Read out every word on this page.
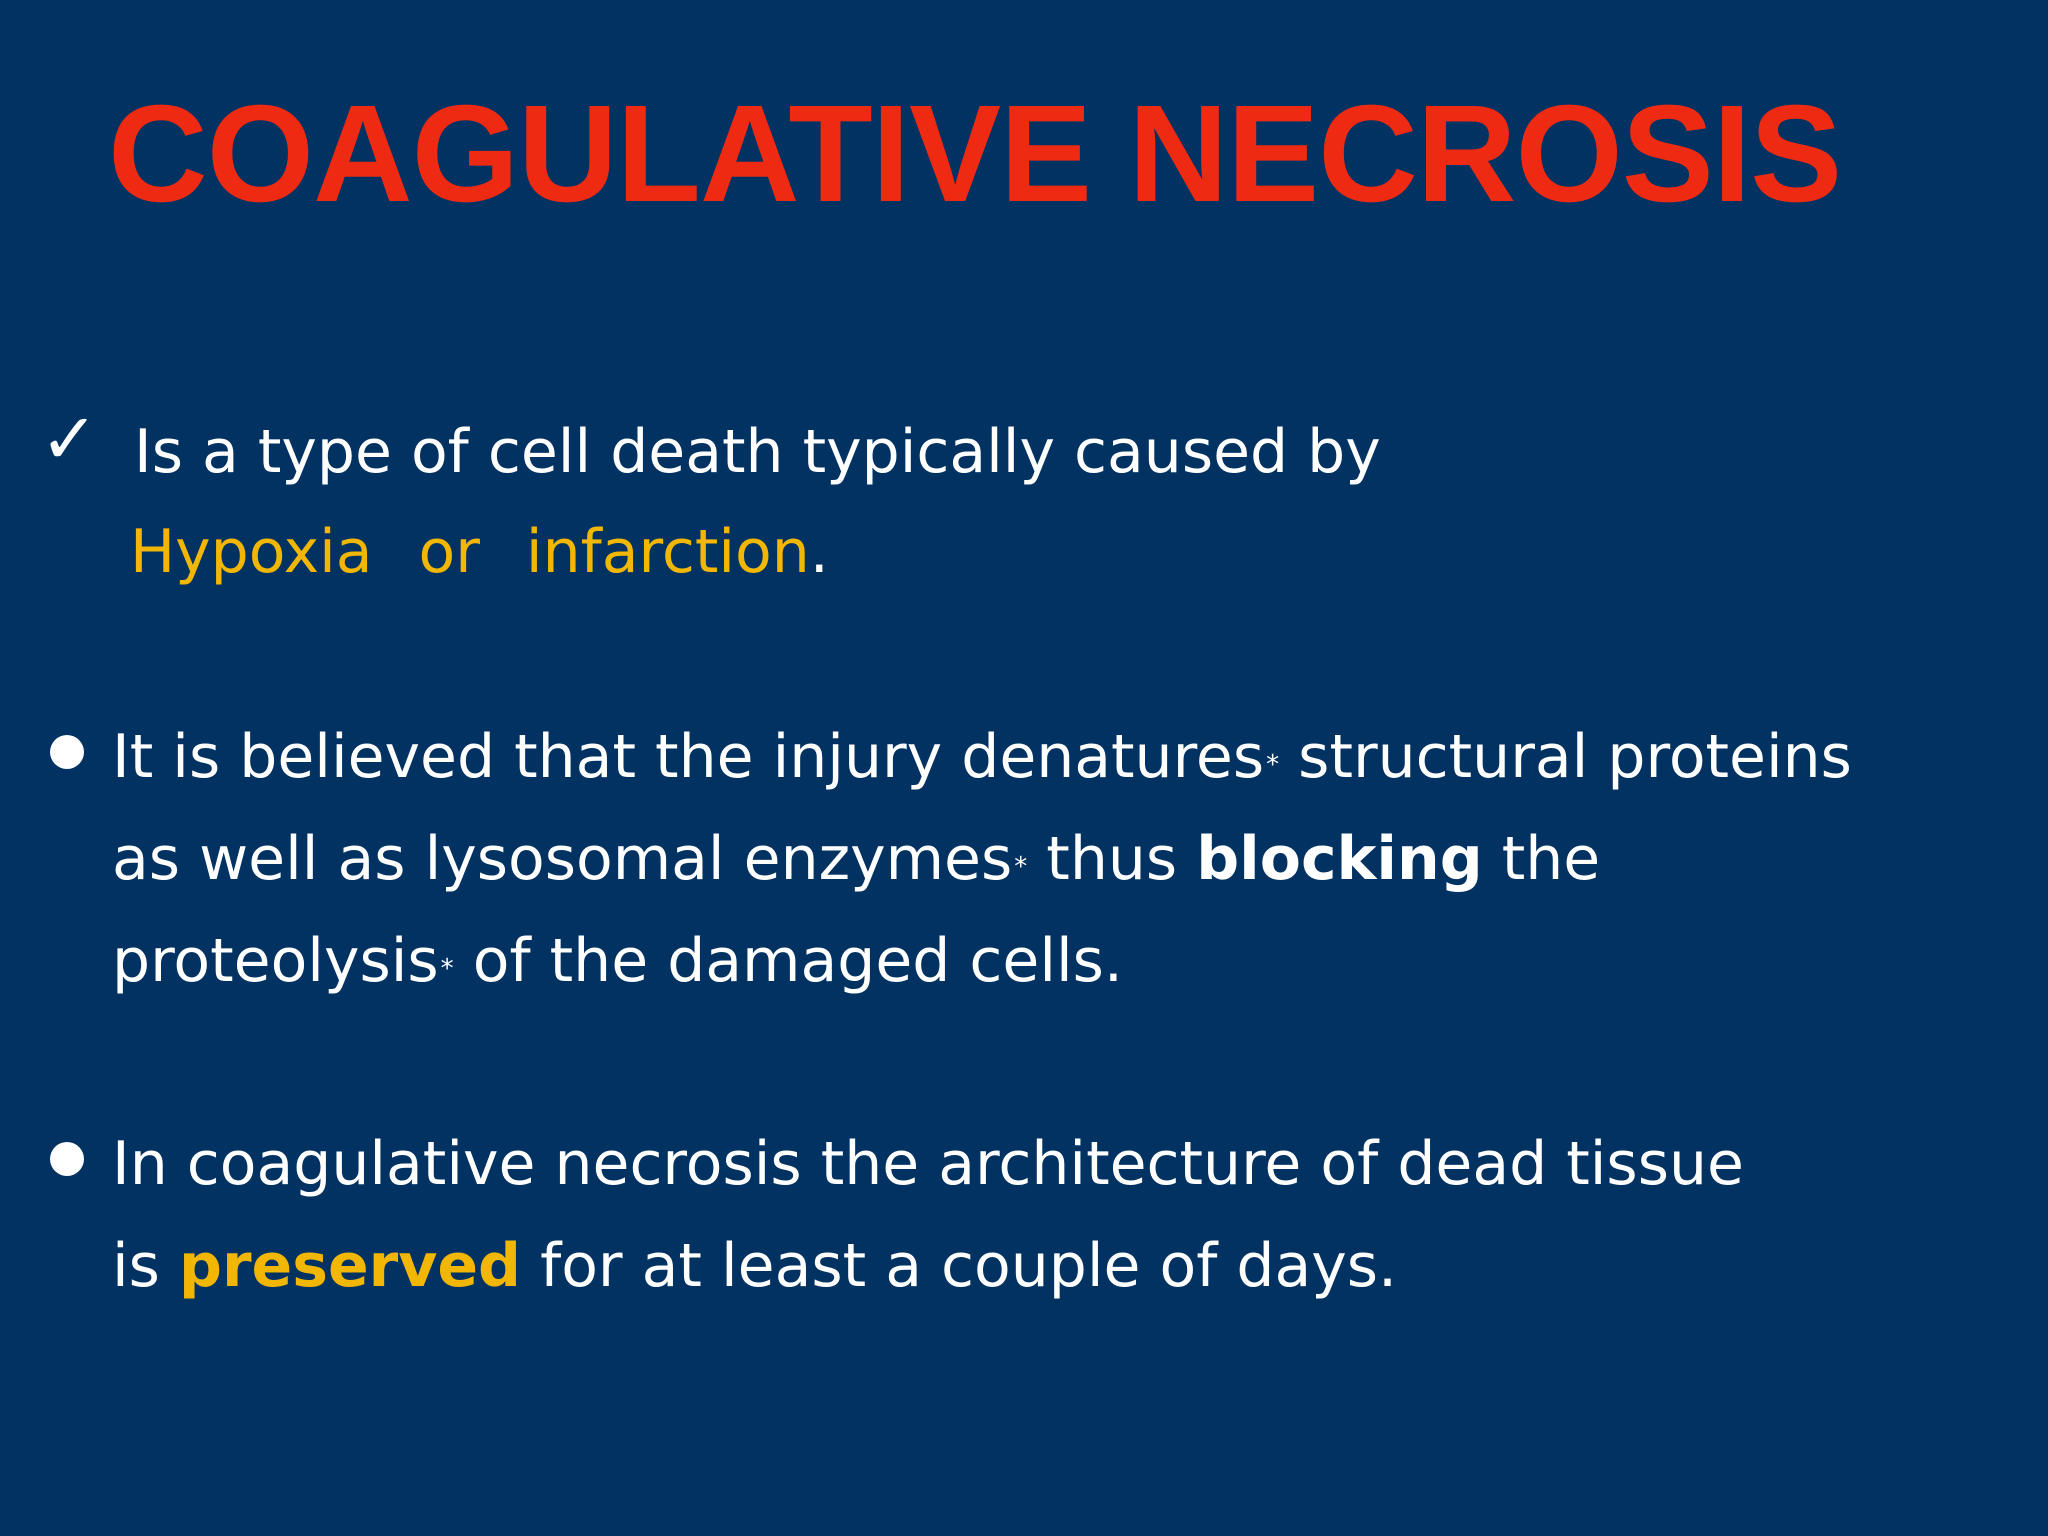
COAGULATIVE NECROSIS
✓ Is a type of cell death typically caused by
Hypoxia or infarction.
It is believed that the injury denatures* structural proteins
as well as lysosomal enzymes* thus blocking the
proteolysis* of the damaged cells.
In coagulative necrosis the architecture of dead tissue
is preserved for at least a couple of days.
